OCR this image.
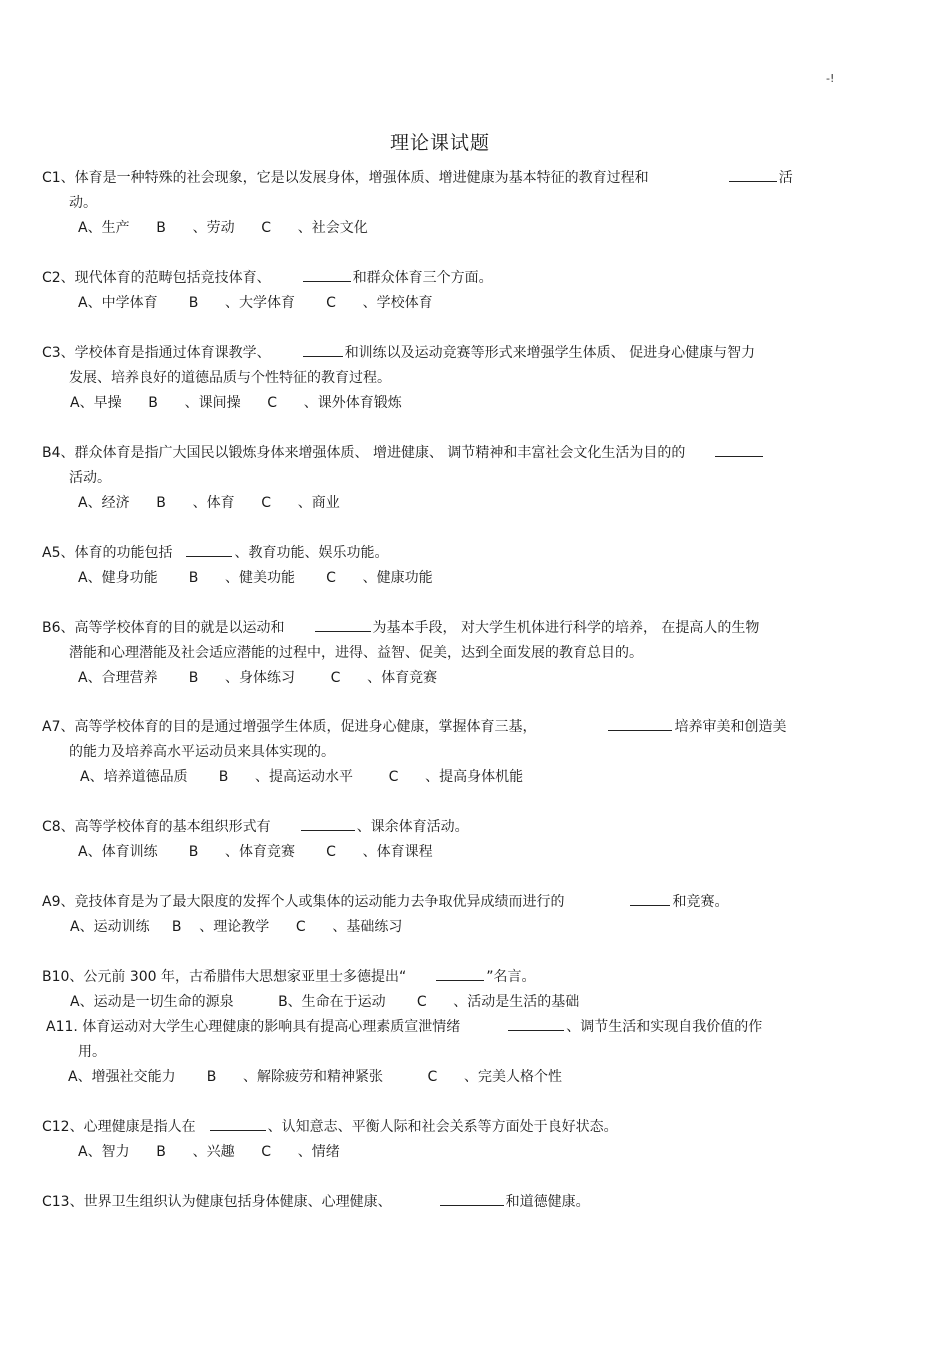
-!
理论课试题
C1、体育是一种特殊的社会现象，它是以发展身体，增强体质、增进健康为基本特征的教育过程和	活
动。
A、生产      B      、劳动      C      、社会文化
C2、现代体育的范畴包括竞技体育、	和群众体育三个方面。
A、中学体育       B      、大学体育       C      、学校体育
C3、学校体育是指通过体育课教学、	和训练以及运动竞赛等形式来增强学生体质、 促进身心健康与智力
发展、培养良好的道德品质与个性特征的教育过程。
A、早操      B      、课间操      C      、课外体育锻炼
B4、群众体育是指广大国民以锻炼身体来增强体质、 增进健康、 调节精神和丰富社会文化生活为目的的
活动。
A、经济      B      、体育      C      、商业
A5、体育的功能包括	、教育功能、娱乐功能。
A、健身功能       B      、健美功能       C      、健康功能
B6、高等学校体育的目的就是以运动和	为基本手段， 对大学生机体进行科学的培养， 在提高人的生物
潜能和心理潜能及社会适应潜能的过程中，进得、益智、促美，达到全面发展的教育总目的。
A、合理营养       B      、身体练习        C      、体育竞赛
A7、高等学校体育的目的是通过增强学生体质，促进身心健康，掌握体育三基，	培养审美和创造美
的能力及培养高水平运动员来具体实现的。
A、培养道德品质       B      、提高运动水平        C      、提高身体机能
C8、高等学校体育的基本组织形式有	、课余体育活动。
A、体育训练       B      、体育竞赛       C      、体育课程
A9、竞技体育是为了最大限度的发挥个人或集体的运动能力去争取优异成绩而进行的	和竞赛。
A、运动训练     B    、理论教学      C      、基础练习
B10、公元前 300 年，古希腊伟大思想家亚里士多德提出“	”名言。
A、运动是一切生命的源泉          B、生命在于运动       C      、活动是生活的基础
A11. 体育运动对大学生心理健康的影响具有提高心理素质宣泄情绪	、调节生活和实现自我价值的作
用。
A、增强社交能力       B      、解除疲劳和精神紧张          C      、完美人格个性
C12、心理健康是指人在	、认知意志、平衡人际和社会关系等方面处于良好状态。
A、智力      B      、兴趣      C      、情绪
C13、世界卫生组织认为健康包括身体健康、心理健康、	和道德健康。
